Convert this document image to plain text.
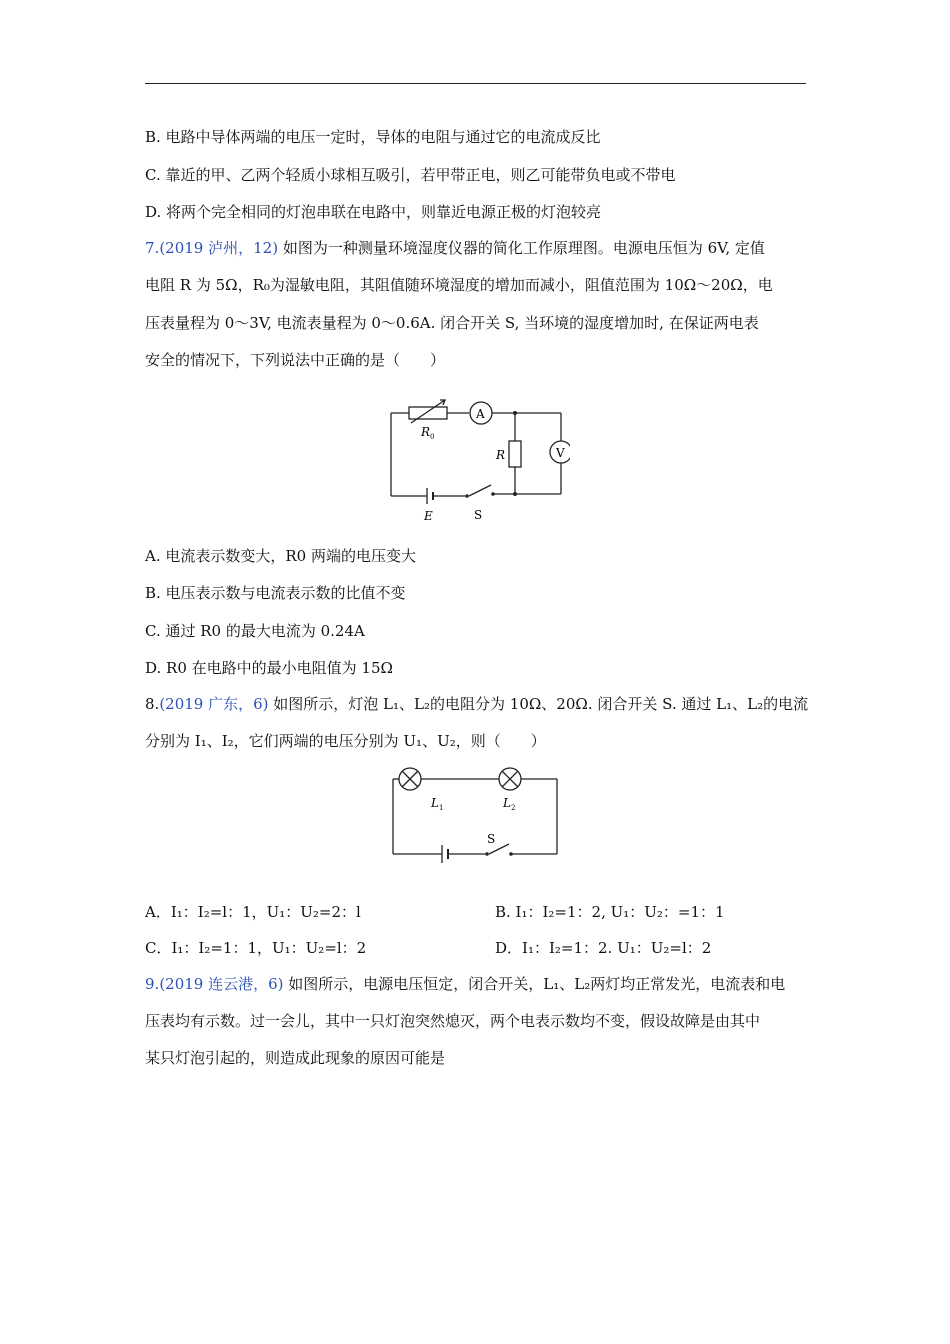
B. 电路中导体两端的电压一定时，导体的电阻与通过它的电流成反比
C. 靠近的甲、乙两个轻质小球相互吸引，若甲带正电，则乙可能带负电或不带电
D. 将两个完全相同的灯泡串联在电路中，则靠近电源正极的灯泡较亮
7.(2019 泸州，12) 如图为一种测量环境湿度仪器的简化工作原理图。电源电压恒为 6V, 定值
电阻 R 为 5Ω，R₀为湿敏电阻，其阻值随环境湿度的增加而减小，阻值范围为 10Ω～20Ω，电
压表量程为 0～3V, 电流表量程为 0～0.6A. 闭合开关 S, 当环境的湿度增加时, 在保证两电表
安全的情况下，下列说法中正确的是（　　）
R 0
A
R	V
E	S
A. 电流表示数变大，R0 两端的电压变大
B. 电压表示数与电流表示数的比值不变
C. 通过 R0 的最大电流为 0.24A
D. R0 在电路中的最小电阻值为 15Ω
8.(2019 广东，6) 如图所示，灯泡 L₁、L₂的电阻分为 10Ω、20Ω. 闭合开关 S. 通过 L₁、L₂的电流
分别为 I₁、I₂，它们两端的电压分别为 U₁、U₂，则（　　）
L 1	L 2
S
A．I₁：I₂=l：1，U₁：U₂=2：l	B. I₁：I₂=1：2, U₁：U₂：=1：1
C．I₁：I₂=1：1，U₁：U₂=l：2	D．I₁：I₂=1：2. U₁：U₂=l：2
9.(2019 连云港，6) 如图所示，电源电压恒定，闭合开关，L₁、L₂两灯均正常发光，电流表和电
压表均有示数。过一会儿，其中一只灯泡突然熄灭，两个电表示数均不变，假设故障是由其中
某只灯泡引起的，则造成此现象的原因可能是
